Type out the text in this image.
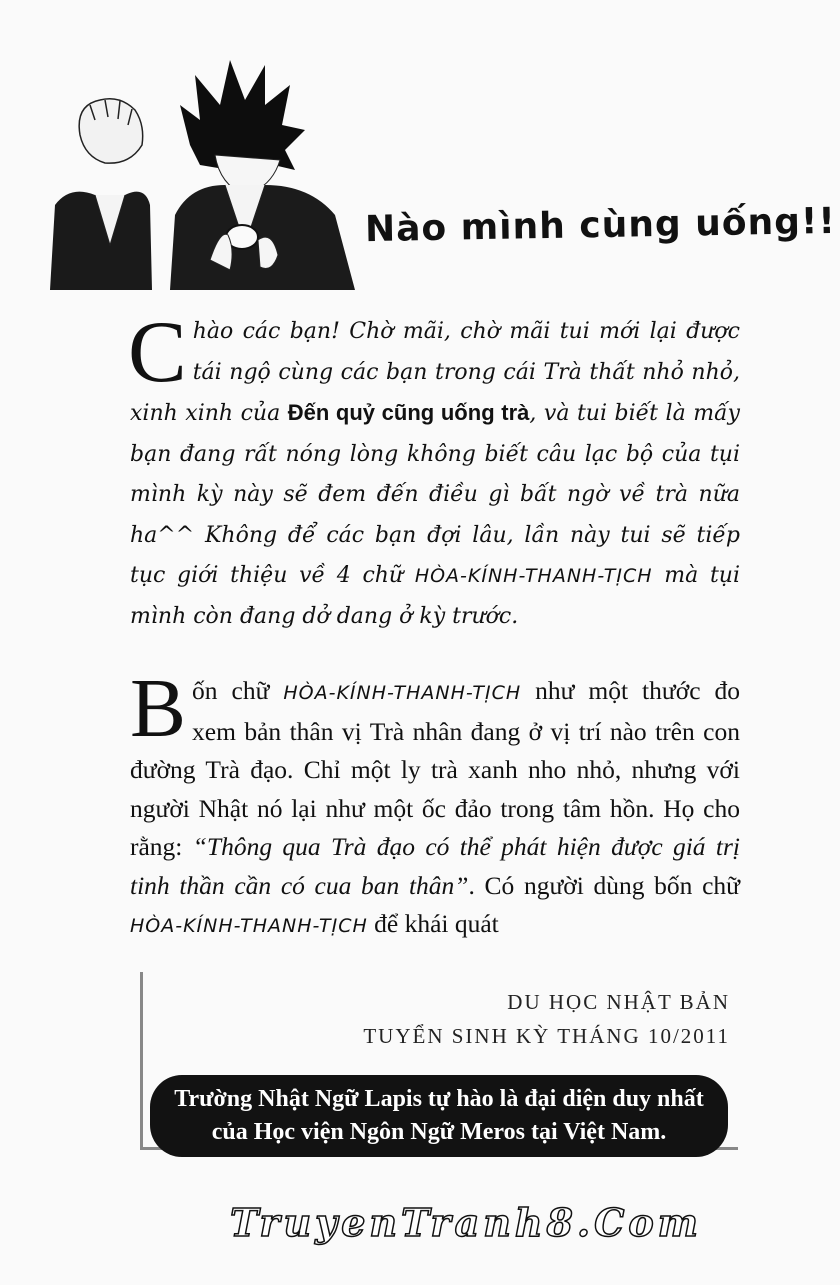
Nào mình cùng uống!!
Chào các bạn! Chờ mãi, chờ mãi tui mới lại được tái ngộ cùng các bạn trong cái Trà thất nhỏ nhỏ, xinh xinh của Đến quỷ cũng uống trà, và tui biết là mấy bạn đang rất nóng lòng không biết câu lạc bộ của tụi mình kỳ này sẽ đem đến điều gì bất ngờ về trà nữa ha^^ Không để các bạn đợi lâu, lần này tui sẽ tiếp tục giới thiệu về 4 chữ HÒA-KÍNH-THANH-TỊCH mà tụi mình còn đang dở dang ở kỳ trước.
Bốn chữ HÒA-KÍNH-THANH-TỊCH như một thước đo xem bản thân vị Trà nhân đang ở vị trí nào trên con đường Trà đạo. Chỉ một ly trà xanh nho nhỏ, nhưng với người Nhật nó lại như một ốc đảo trong tâm hồn. Họ cho rằng: “Thông qua Trà đạo có thể phát hiện được giá trị tinh thần cần có cua ban thân”. Có người dùng bốn chữ HÒA-KÍNH-THANH-TỊCH để khái quát
DU HỌC NHẬT BẢN
TUYỂN SINH KỲ THÁNG 10/2011
Trường Nhật Ngữ Lapis tự hào là đại diện duy nhất
của Học viện Ngôn Ngữ Meros tại Việt Nam.
TruyenTranh8.Com
